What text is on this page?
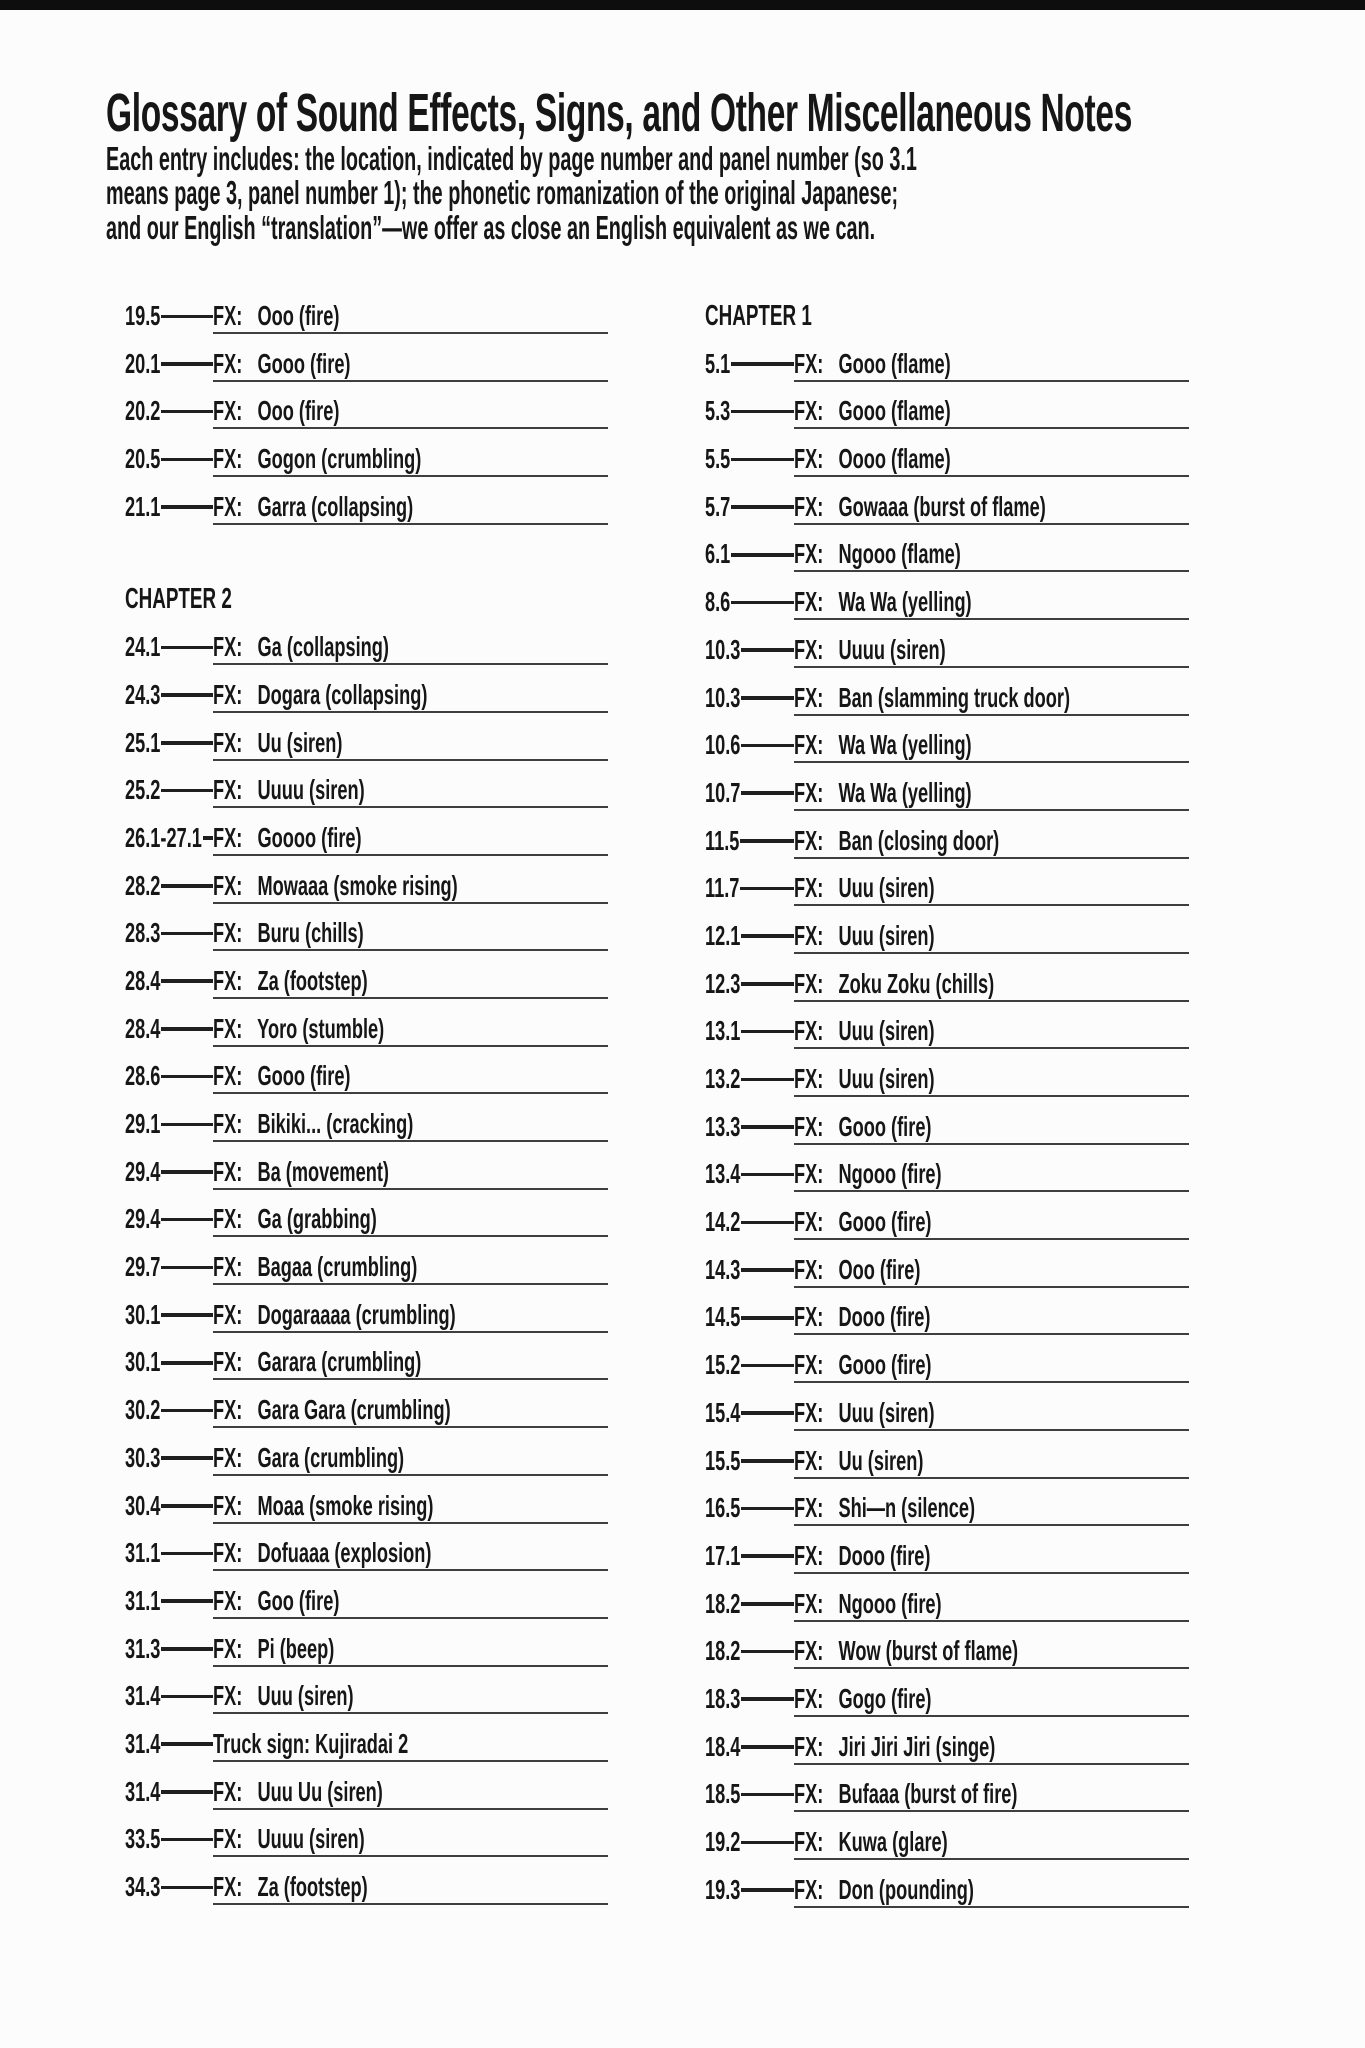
Glossary of Sound Effects, Signs, and Other Miscellaneous Notes
Each entry includes: the location, indicated by page number and panel number (so 3.1
means page 3, panel number 1); the phonetic romanization of the original Japanese;
and our English “translation”—we offer as close an English equivalent as we can.
19.5 FX:   Ooo (fire)
20.1 FX:   Gooo (fire)
20.2 FX:   Ooo (fire)
20.5 FX:   Gogon (crumbling)
21.1 FX:   Garra (collapsing)
CHAPTER 2
24.1 FX:   Ga (collapsing)
24.3 FX:   Dogara (collapsing)
25.1 FX:   Uu (siren)
25.2 FX:   Uuuu (siren)
26.1-27.1 FX:   Goooo (fire)
28.2 FX:   Mowaaa (smoke rising)
28.3 FX:   Buru (chills)
28.4 FX:   Za (footstep)
28.4 FX:   Yoro (stumble)
28.6 FX:   Gooo (fire)
29.1 FX:   Bikiki... (cracking)
29.4 FX:   Ba (movement)
29.4 FX:   Ga (grabbing)
29.7 FX:   Bagaa (crumbling)
30.1 FX:   Dogaraaaa (crumbling)
30.1 FX:   Garara (crumbling)
30.2 FX:   Gara Gara (crumbling)
30.3 FX:   Gara (crumbling)
30.4 FX:   Moaa (smoke rising)
31.1 FX:   Dofuaaa (explosion)
31.1 FX:   Goo (fire)
31.3 FX:   Pi (beep)
31.4 FX:   Uuu (siren)
31.4 Truck sign: Kujiradai 2
31.4 FX:   Uuu Uu (siren)
33.5 FX:   Uuuu (siren)
34.3 FX:   Za (footstep)
CHAPTER 1
5.1 FX:   Gooo (flame)
5.3 FX:   Gooo (flame)
5.5 FX:   Oooo (flame)
5.7 FX:   Gowaaa (burst of flame)
6.1 FX:   Ngooo (flame)
8.6 FX:   Wa Wa (yelling)
10.3 FX:   Uuuu (siren)
10.3 FX:   Ban (slamming truck door)
10.6 FX:   Wa Wa (yelling)
10.7 FX:   Wa Wa (yelling)
11.5 FX:   Ban (closing door)
11.7 FX:   Uuu (siren)
12.1 FX:   Uuu (siren)
12.3 FX:   Zoku Zoku (chills)
13.1 FX:   Uuu (siren)
13.2 FX:   Uuu (siren)
13.3 FX:   Gooo (fire)
13.4 FX:   Ngooo (fire)
14.2 FX:   Gooo (fire)
14.3 FX:   Ooo (fire)
14.5 FX:   Dooo (fire)
15.2 FX:   Gooo (fire)
15.4 FX:   Uuu (siren)
15.5 FX:   Uu (siren)
16.5 FX:   Shi—n (silence)
17.1 FX:   Dooo (fire)
18.2 FX:   Ngooo (fire)
18.2 FX:   Wow (burst of flame)
18.3 FX:   Gogo (fire)
18.4 FX:   Jiri Jiri Jiri (singe)
18.5 FX:   Bufaaa (burst of fire)
19.2 FX:   Kuwa (glare)
19.3 FX:   Don (pounding)
